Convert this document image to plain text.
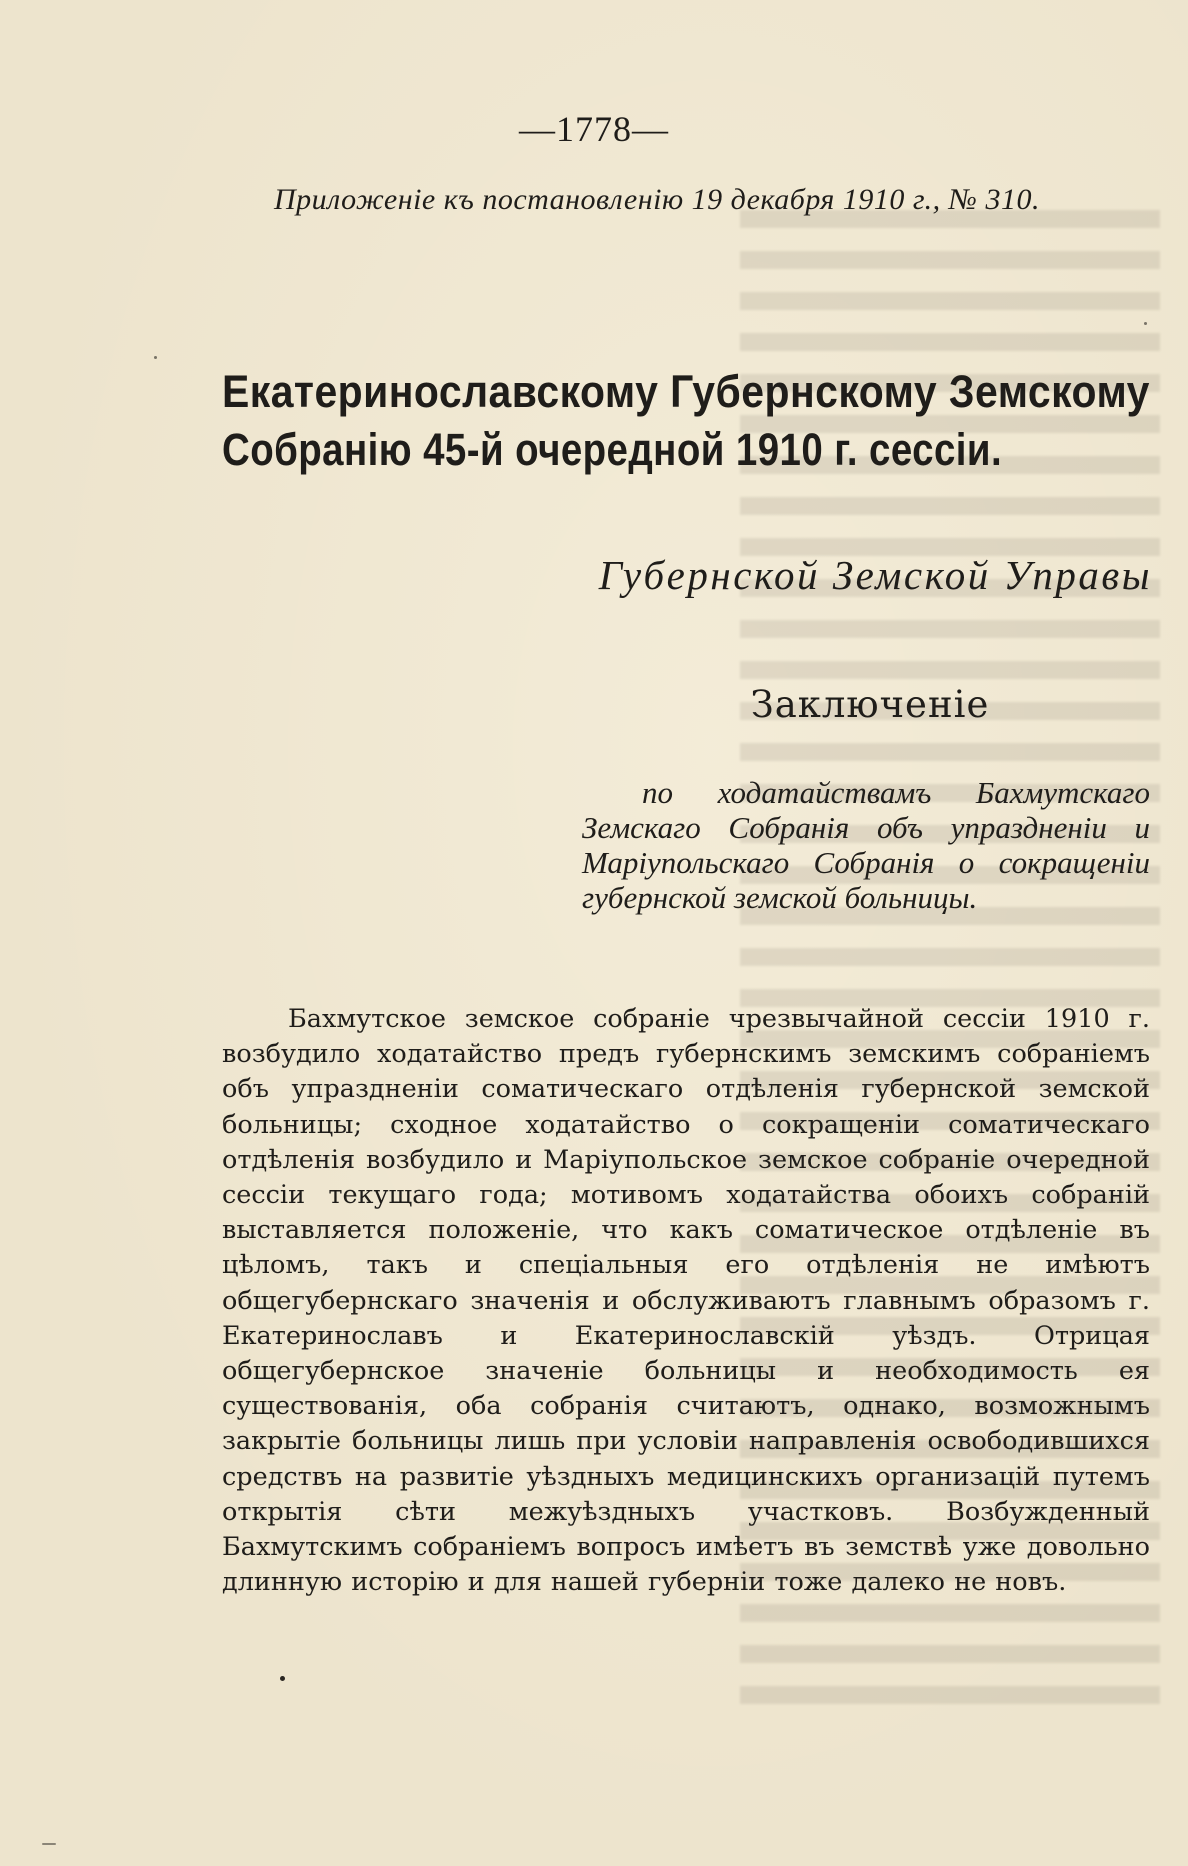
—1778—
Приложеніе къ постановленію 19 декабря 1910 г., № 310.
Екатеринославскому Губернскому Земскому
Собранію 45-й очередной 1910 г. сессіи.
Губернской Земской Управы
Заключеніе
по ходатайствамъ Бахмутскаго Земскаго Собранія объ упраздненіи и Маріупольскаго Собранія о сокращеніи губернской земской больницы.
Бахмутское земское собраніе чрезвычайной сессіи 1910 г. возбудило ходатайство предъ губернскимъ земскимъ собраніемъ объ упраздненіи соматическаго отдѣленія губернской земской больницы; сходное ходатайство о сокращеніи соматическаго отдѣленія возбудило и Маріупольское земское собраніе очередной сессіи текущаго года; мотивомъ ходатайства обоихъ собраній выставляется положеніе, что какъ соматическое отдѣленіе въ цѣломъ, такъ и спеціальныя его отдѣленія не имѣютъ общегубернскаго значенія и обслуживаютъ главнымъ образомъ г. Екатеринославъ и Екатеринославскій уѣздъ. Отрицая общегубернское значеніе больницы и необходимость ея существованія, оба собранія считаютъ, однако, возможнымъ закрытіе больницы лишь при условіи направленія освободившихся средствъ на развитіе уѣздныхъ медицинскихъ организацій путемъ открытія сѣти межуѣздныхъ участковъ. Возбужденный Бахмутскимъ собраніемъ вопросъ имѣетъ въ земствѣ уже довольно длинную исторію и для нашей губерніи тоже далеко не новъ.
